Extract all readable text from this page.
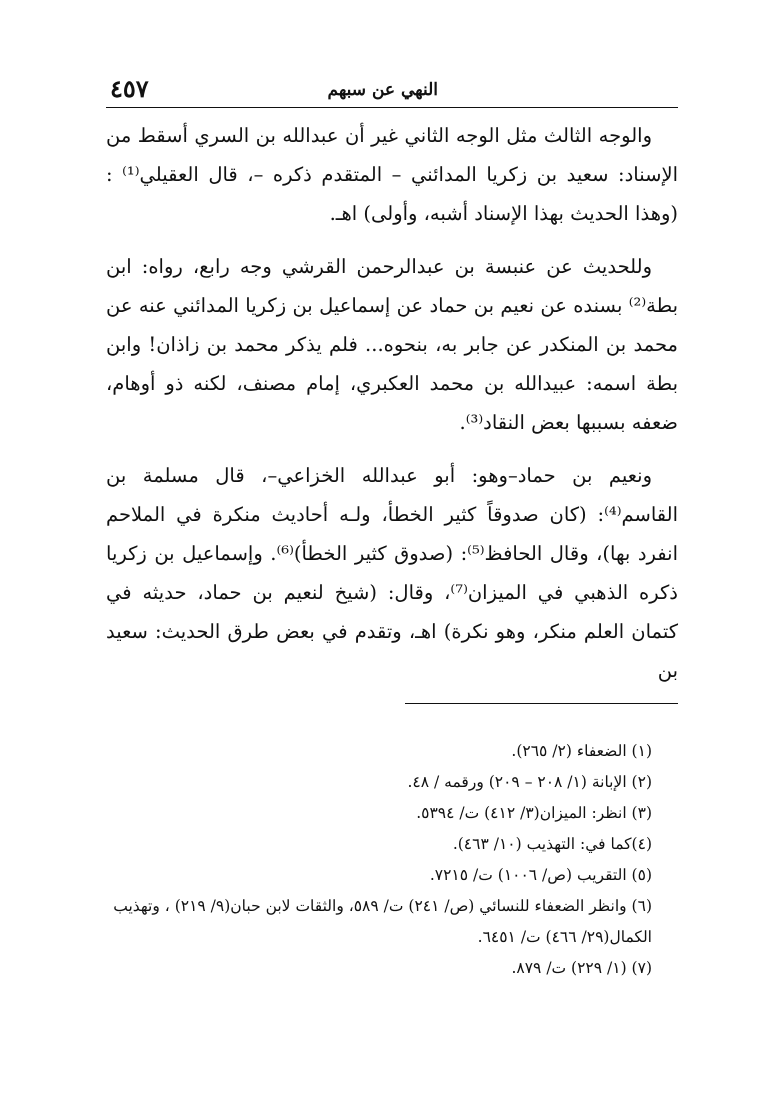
النهي عن سبهم
٤٥٧

والوجه الثالث مثل الوجه الثاني غير أن عبدالله بن السري أسقط من الإسناد: سعيد بن زكريا المدائني – المتقدم ذكره –، قال العقيلي⁽¹⁾ : (وهذا الحديث بهذا الإسناد أشبه، وأولى) اهـ.

وللحديث عن عنبسة بن عبدالرحمن القرشي وجه رابع، رواه: ابن بطة⁽²⁾ بسنده عن نعيم بن حماد عن إسماعيل بن زكريا المدائني عنه عن محمد بن المنكدر عن جابر به، بنحوه... فلم يذكر محمد بن زاذان! وابن بطة اسمه: عبيدالله بن محمد العكبري، إمام مصنف، لكنه ذو أوهام، ضعفه بسببها بعض النقاد⁽³⁾.

ونعيم بن حماد–وهو: أبو عبدالله الخزاعي–، قال مسلمة بن القاسم⁽⁴⁾: (كان صدوقاً كثير الخطأ، ولـه أحاديث منكرة في الملاحم انفرد بها)، وقال الحافظ⁽⁵⁾: (صدوق كثير الخطأ)⁽⁶⁾. وإسماعيل بن زكريا ذكره الذهبي في الميزان⁽⁷⁾، وقال: (شيخ لنعيم بن حماد، حديثه في كتمان العلم منكر، وهو نكرة) اهـ، وتقدم في بعض طرق الحديث: سعيد بن

(١) الضعفاء (٢/ ٢٦٥).
(٢) الإبانة (١/ ٢٠٨ – ٢٠٩) ورقمه / ٤٨.
(٣) انظر: الميزان(٣/ ٤١٢) ت/ ٥٣٩٤.
(٤)كما في: التهذيب (١٠/ ٤٦٣).
(٥) التقريب (ص/ ١٠٠٦) ت/ ٧٢١٥.
(٦) وانظر الضعفاء للنسائي (ص/ ٢٤١) ت/ ٥٨٩، والثقات لابن حبان(٩/ ٢١٩) ، وتهذيب الكمال(٢٩/ ٤٦٦) ت/ ٦٤٥١.
(٧) (١/ ٢٢٩) ت/ ٨٧٩.
